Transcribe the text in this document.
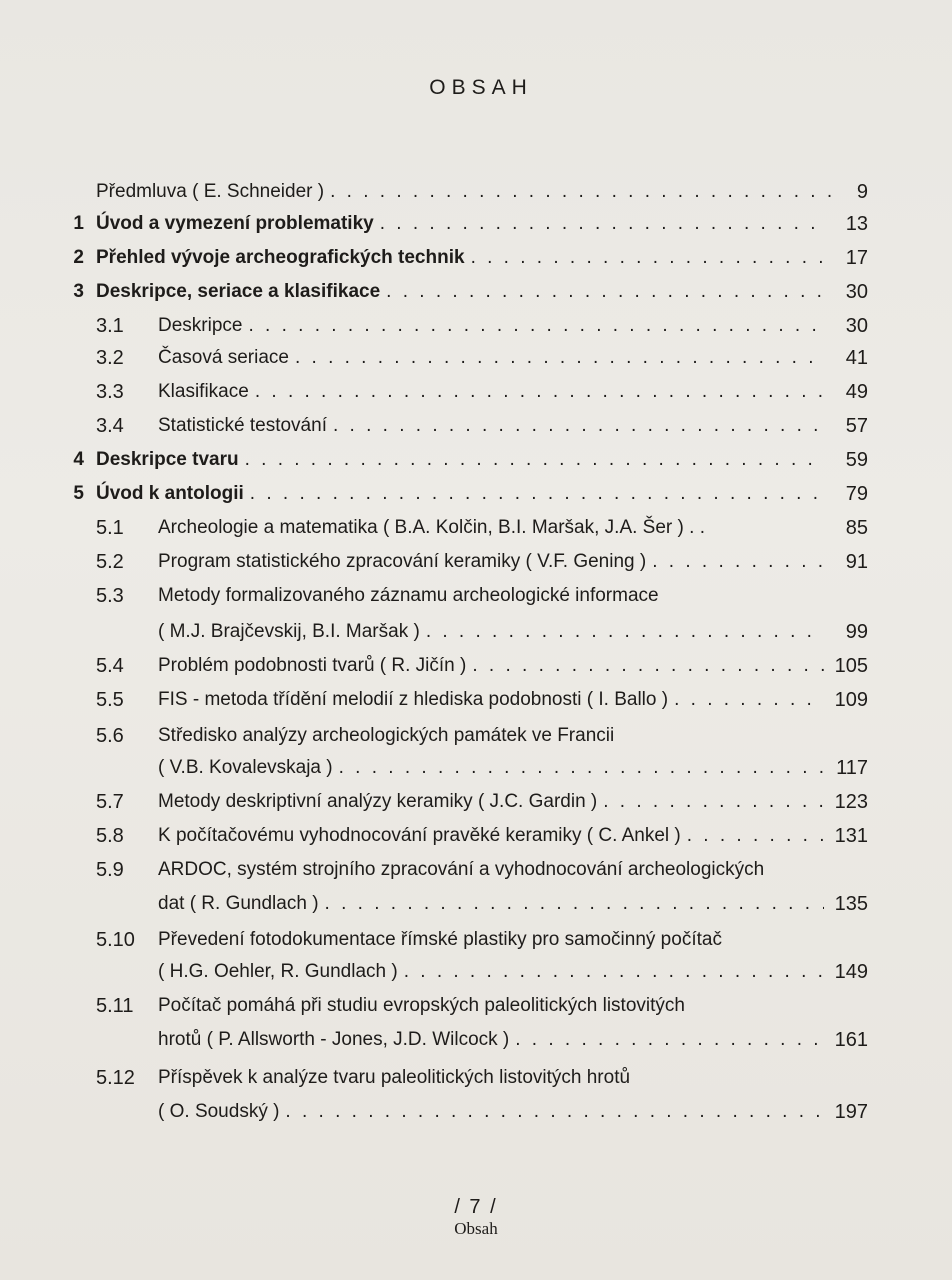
OBSAH
Předmluva ( E. Schneider ) . . .	9
1 Úvod a vymezení problematiky . . .	13
2 Přehled vývoje archeografických technik . . .	17
3 Deskripce, seriace a klasifikace . . .	30
3.1 Deskripce . . .	30
3.2 Časová seriace . . .	41
3.3 Klasifikace . . .	49
3.4 Statistické testování . . .	57
4 Deskripce tvaru . . .	59
5 Úvod k antologii . . .	79
5.1 Archeologie a matematika ( B.A. Kolčin, B.I. Maršak, J.A. Šer ) . .	85
5.2 Program statistického zpracování keramiky ( V.F. Gening ) . . .	91
5.3 Metody formalizovaného záznamu archeologické informace
( M.J. Brajčevskij, B.I. Maršak ) . . .	99
5.4 Problém podobnosti tvarů ( R. Jičín ) . . .	105
5.5 FIS - metoda třídění melodií z hlediska podobnosti ( I. Ballo ) . . .	109
5.6 Středisko analýzy archeologických památek ve Francii
( V.B. Kovalevskaja ) . . .	117
5.7 Metody deskriptivní analýzy keramiky ( J.C. Gardin ) . . .	123
5.8 K počítačovému vyhodnocování pravěké keramiky ( C. Ankel ) . . .	131
5.9 ARDOC, systém strojního zpracování a vyhodnocování archeologických
dat ( R. Gundlach ) . . .	135
5.10 Převedení fotodokumentace římské plastiky pro samočinný počítač
( H.G. Oehler, R. Gundlach ) . . .	149
5.11 Počítač pomáhá při studiu evropských paleolitických listovitých
hrotů ( P. Allsworth - Jones, J.D. Wilcock ) . . .	161
5.12 Příspěvek k analýze tvaru paleolitických listovitých hrotů
( O. Soudský ) . . .	197
/ 7 /
Obsah
